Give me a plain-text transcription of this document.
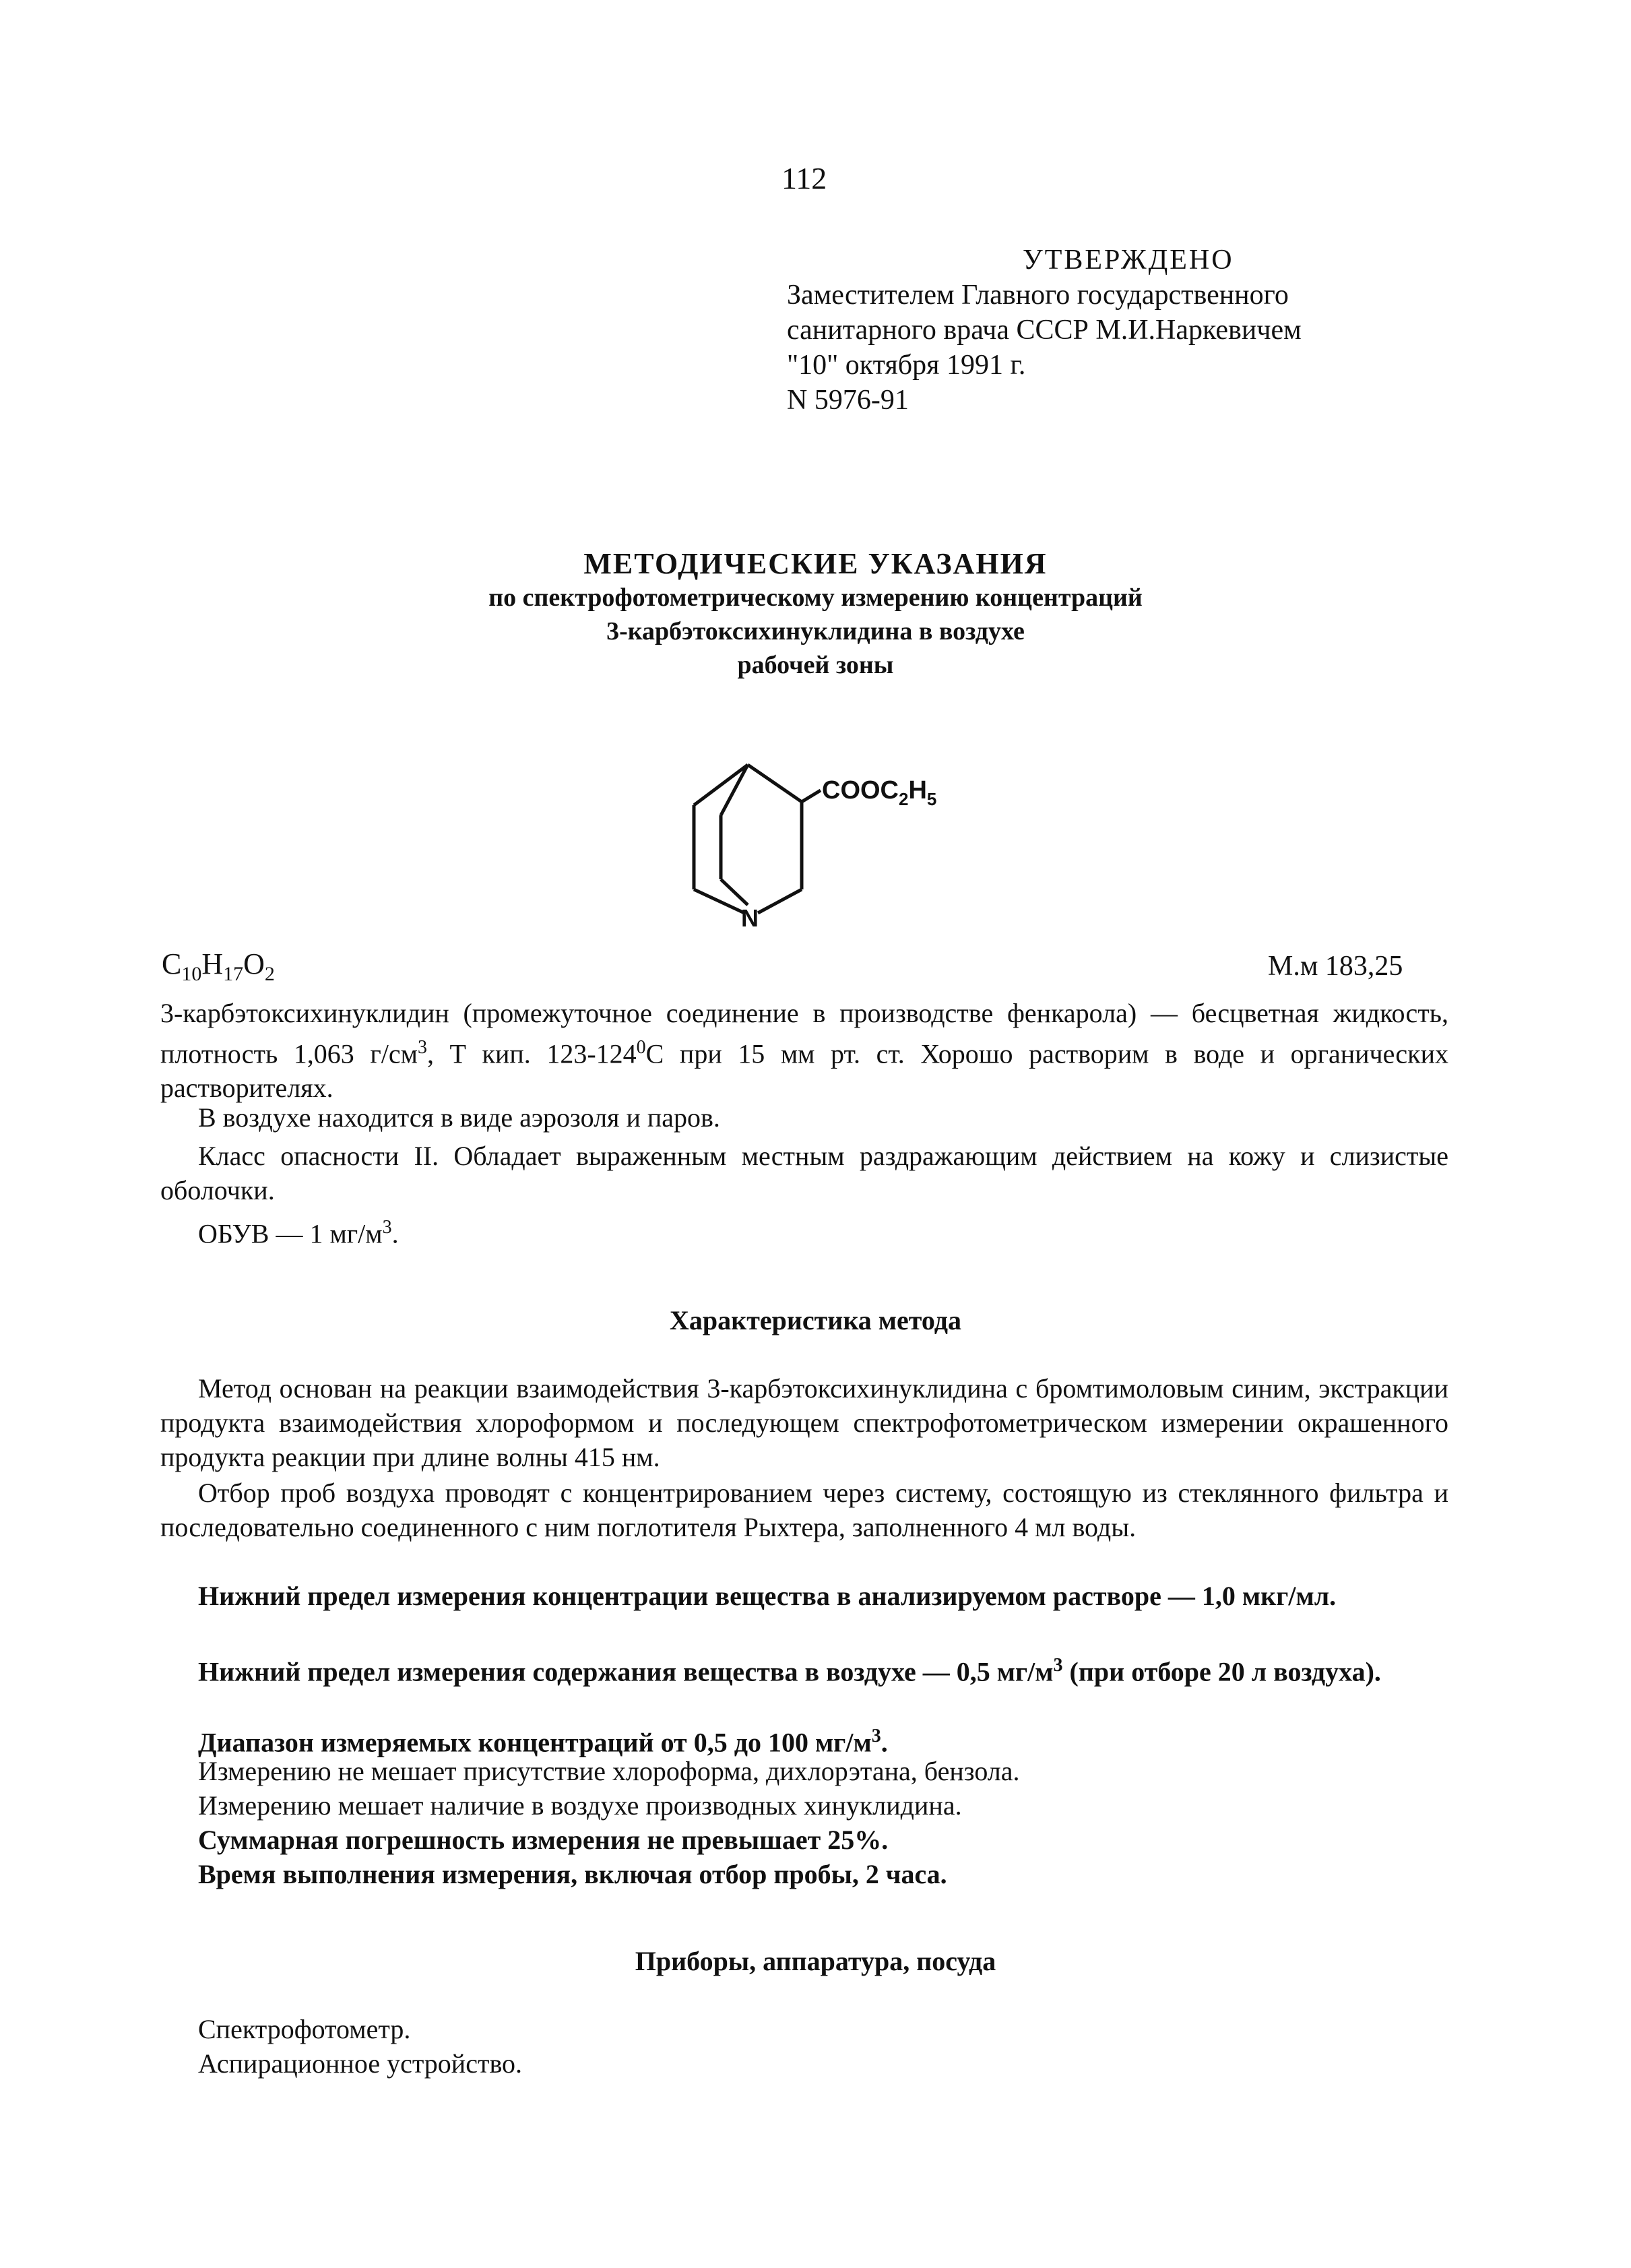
112
УТВЕРЖДЕНО
Заместителем Главного государственного
санитарного врача СССР М.И.Наркевичем
"10" октября 1991 г.
N 5976-91
МЕТОДИЧЕСКИЕ УКАЗАНИЯ
по спектрофотометрическому измерению концентраций
3-карбэтоксихинуклидина в воздухе
рабочей зоны
$COOC_2H_5$
N
$C_{10}H_{17}O_2$	М.м 183,25

3-карбэтоксихинуклидин (промежуточное соединение в производстве фенкарола) — бесцветная жидкость, плотность 1,063 $г/см^3$, Т кип. $123-124^0С$ при 15 мм рт. ст. Хорошо растворим в воде и органических растворителях.

В воздухе находится в виде аэрозоля и паров.

Класс опасности II. Обладает выраженным местным раздражающим действием на кожу и слизистые оболочки.

ОБУВ — 1 $мг/м^3$.

Характеристика метода

Метод основан на реакции взаимодействия 3-карбэтоксихинуклидина с бромтимоловым синим, экстракции продукта взаимодействия хлороформом и последующем спектрофотометрическом измерении окрашенного продукта реакции при длине волны 415 нм.

Отбор проб воздуха проводят с концентрированием через систему, состоящую из стеклянного фильтра и последовательно соединенного с ним поглотителя Рыхтера, заполненного 4 мл воды.

Нижний предел измерения концентрации вещества в анализируемом растворе — 1,0 мкг/мл.

Нижний предел измерения содержания вещества в воздухе — 0,5 $мг/м^3$ (при отборе 20 л воздуха).

Диапазон измеряемых концентраций от 0,5 до 100 $мг/м^3$.
Измерению не мешает присутствие хлороформа, дихлорэтана, бензола.
Измерению мешает наличие в воздухе производных хинуклидина.
Суммарная погрешность измерения не превышает 25%.
Время выполнения измерения, включая отбор пробы, 2 часа.
Приборы, аппаратура, посуда
Спектрофотометр.
Аспирационное устройство.
